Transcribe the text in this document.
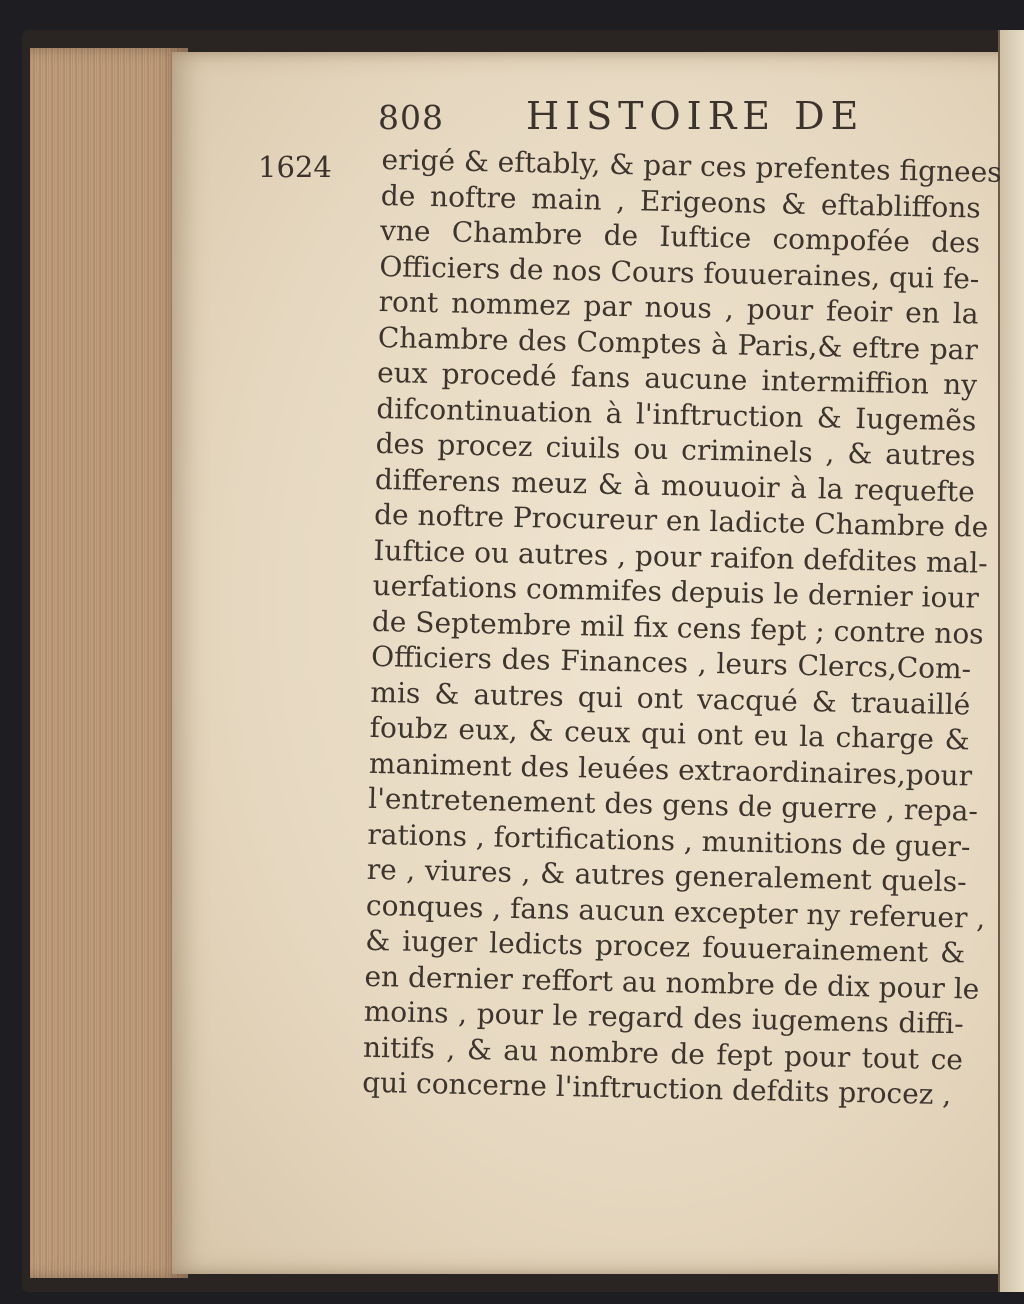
808 HISTOIRE DE
1624 erigé & eftably, & par ces prefentes fignees
de noftre main , Erigeons & eftabliffons
vne Chambre de Iuftice compofée des
Officiers de nos Cours fouueraines, qui fe-
ront nommez par nous , pour feoir en la
Chambre des Comptes à Paris,& eftre par
eux procedé fans aucune intermiffion ny
difcontinuation à l'inftruction & Iugemẽs
des procez ciuils ou criminels , & autres
differens meuz & à mouuoir à la requefte
de noftre Procureur en ladicte Chambre de
Iuftice ou autres , pour raifon defdites mal-
uerfations commifes depuis le dernier iour
de Septembre mil fix cens fept ; contre nos
Officiers des Finances , leurs Clercs,Com-
mis & autres qui ont vacqué & trauaillé
foubz eux, & ceux qui ont eu la charge &
maniment des leuées extraordinaires,pour
l'entretenement des gens de guerre , repa-
rations , fortifications , munitions de guer-
re , viures , & autres generalement quels-
conques , fans aucun excepter ny referuer ,
& iuger ledicts procez fouuerainement &
en dernier reffort au nombre de dix pour le
moins , pour le regard des iugemens diffi-
nitifs , & au nombre de fept pour tout ce
qui concerne l'inftruction defdits procez ,
